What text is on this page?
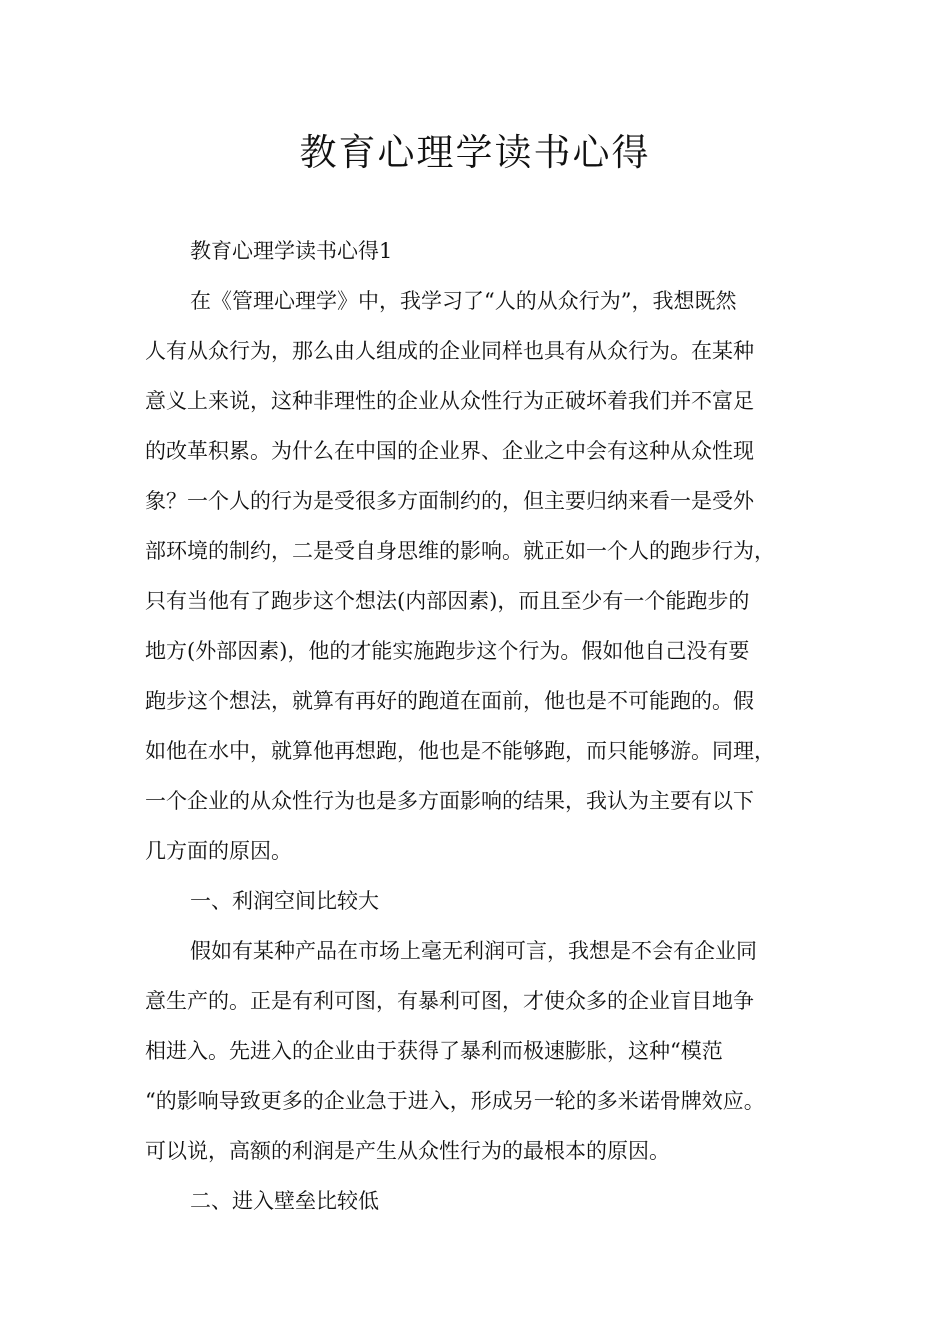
教育心理学读书心得
教育心理学读书心得1
在《管理心理学》中，我学习了“人的从众行为”，我想既然
人有从众行为，那么由人组成的企业同样也具有从众行为。在某种
意义上来说，这种非理性的企业从众性行为正破坏着我们并不富足
的改革积累。为什么在中国的企业界、企业之中会有这种从众性现
象？一个人的行为是受很多方面制约的，但主要归纳来看一是受外
部环境的制约，二是受自身思维的影响。就正如一个人的跑步行为，
只有当他有了跑步这个想法(内部因素)，而且至少有一个能跑步的
地方(外部因素)，他的才能实施跑步这个行为。假如他自己没有要
跑步这个想法，就算有再好的跑道在面前，他也是不可能跑的。假
如他在水中，就算他再想跑，他也是不能够跑，而只能够游。同理，
一个企业的从众性行为也是多方面影响的结果，我认为主要有以下
几方面的原因。
一、利润空间比较大
假如有某种产品在市场上毫无利润可言，我想是不会有企业同
意生产的。正是有利可图，有暴利可图，才使众多的企业盲目地争
相进入。先进入的企业由于获得了暴利而极速膨胀，这种“模范
“的影响导致更多的企业急于进入，形成另一轮的多米诺骨牌效应。
可以说，高额的利润是产生从众性行为的最根本的原因。
二、进入壁垒比较低
